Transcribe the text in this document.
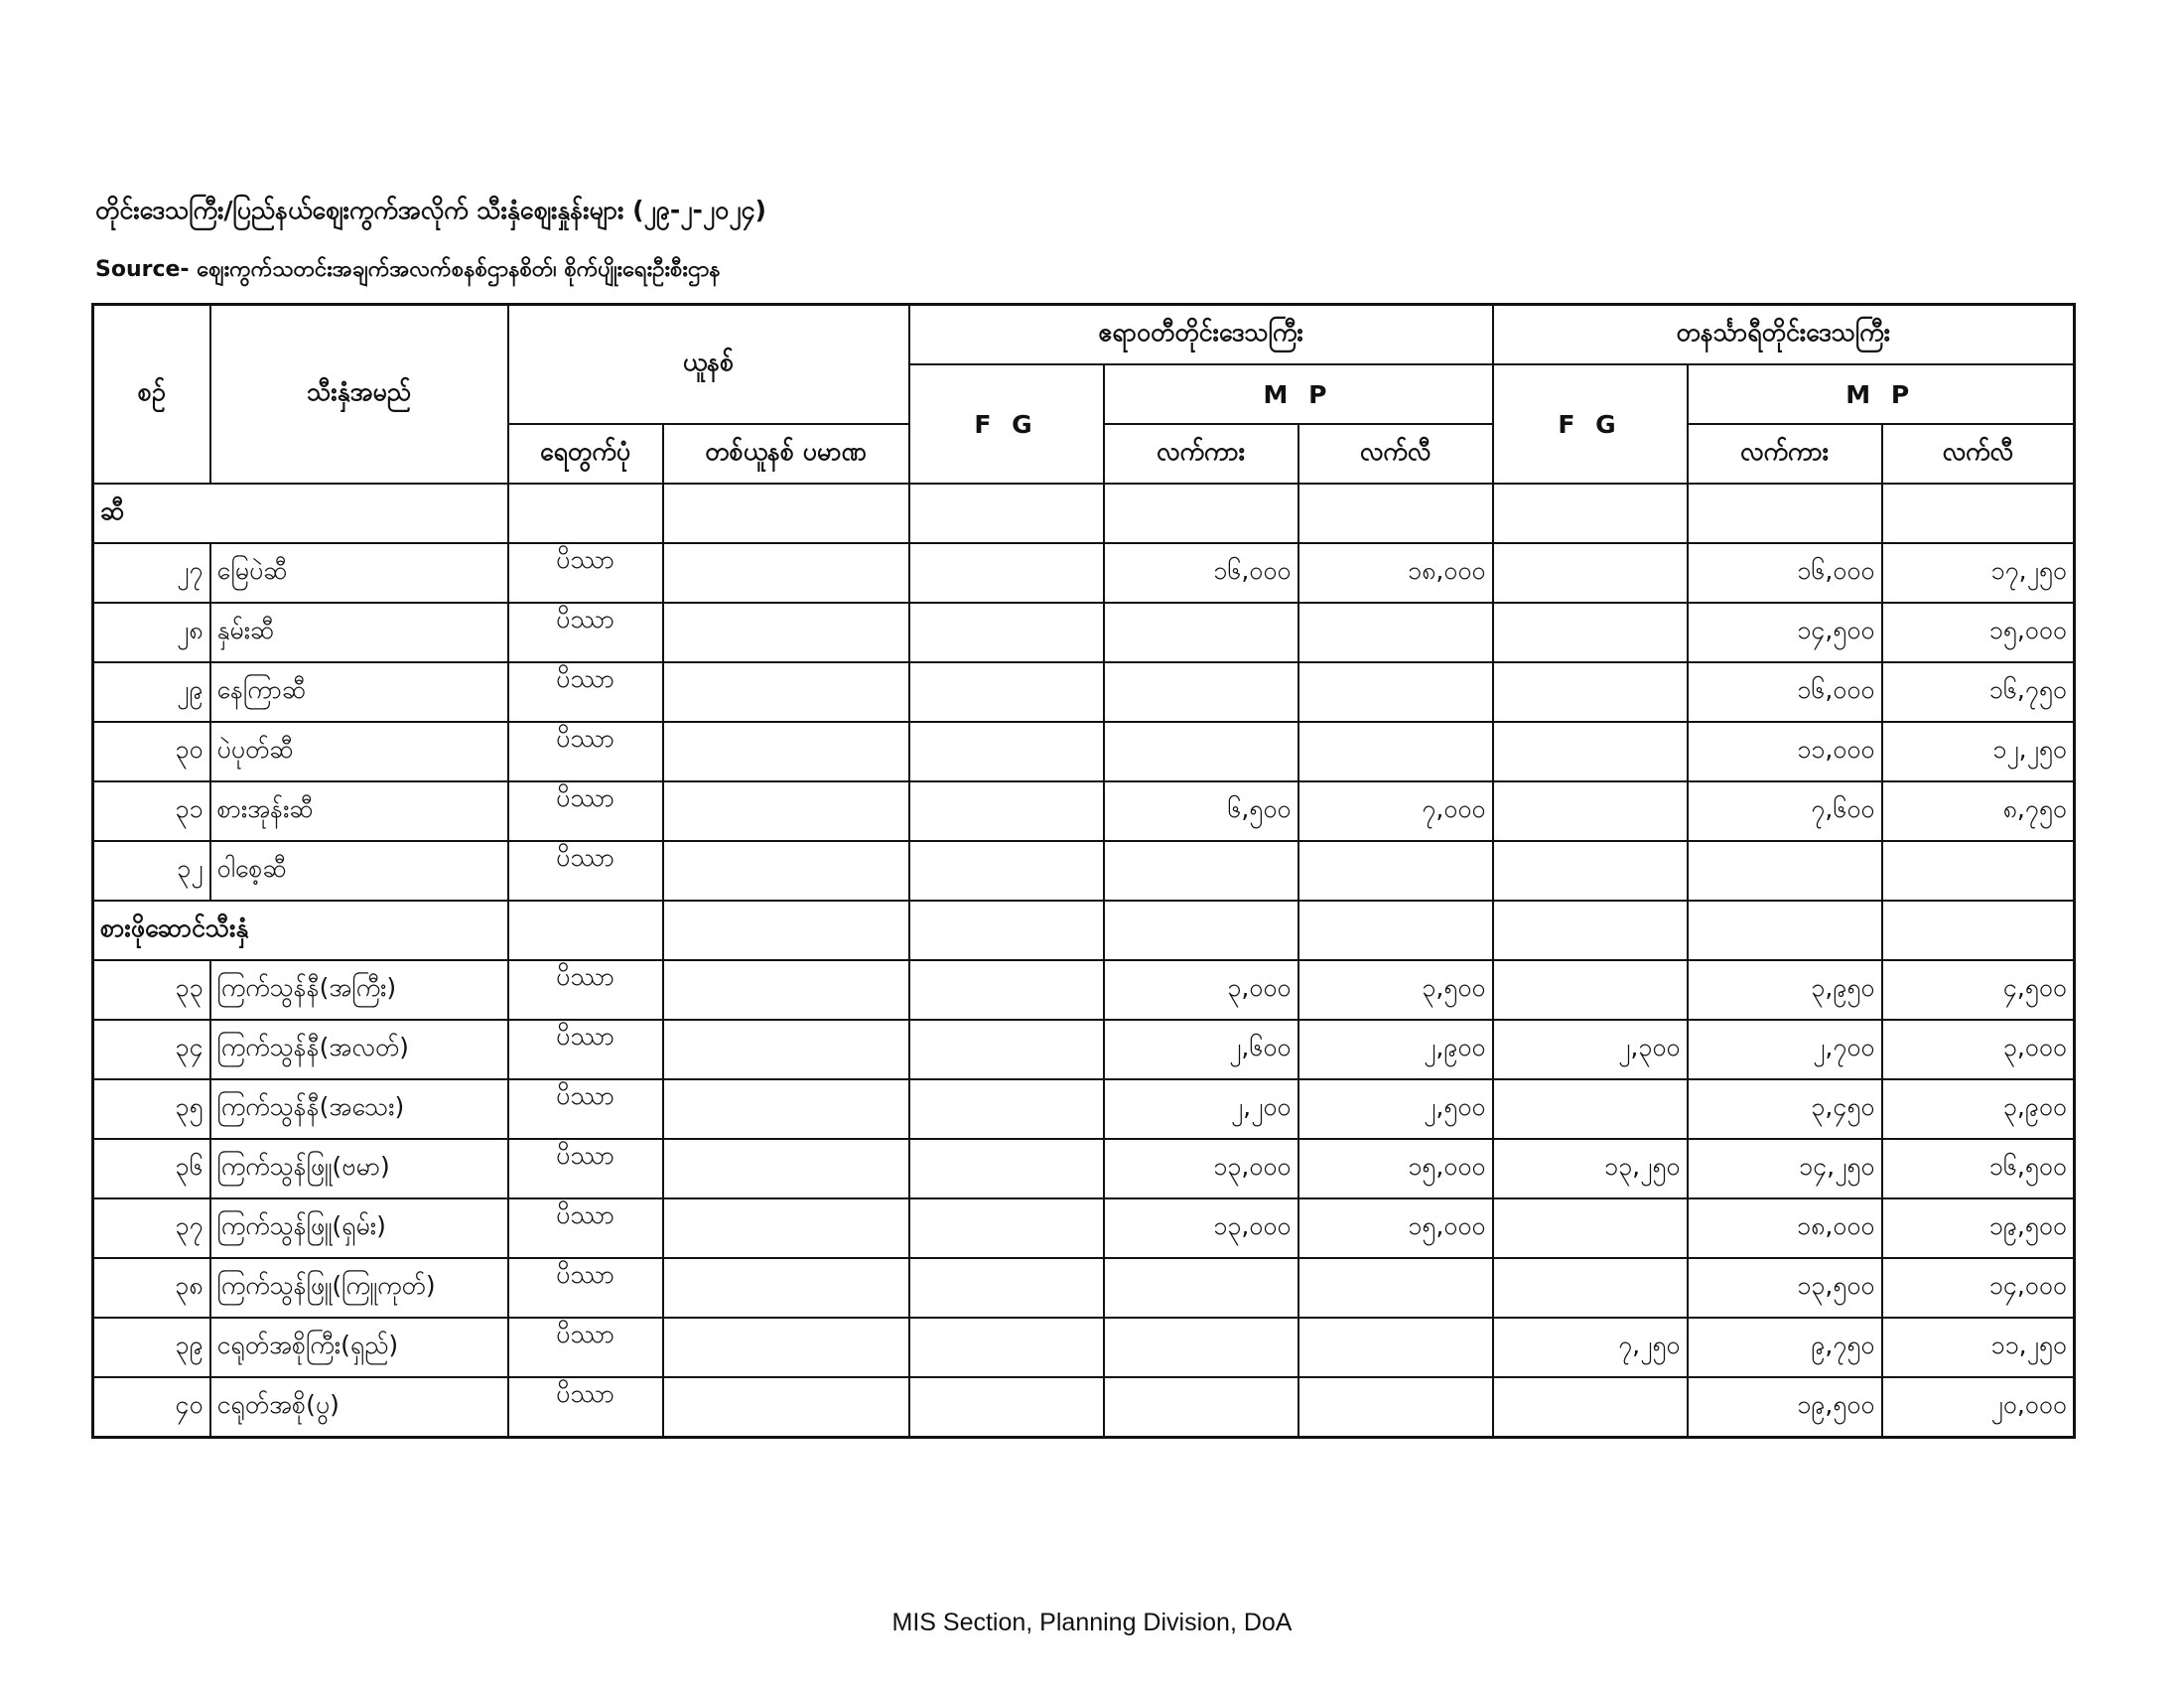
တိုင်းဒေသကြီး/ပြည်နယ်ဈေးကွက်အလိုက် သီးနှံဈေးနှုန်းများ (၂၉-၂-၂၀၂၄)
Source- ဈေးကွက်သတင်းအချက်အလက်စနစ်ဌာနစိတ်၊ စိုက်ပျိုးရေးဦးစီးဌာန
စဉ်	သီးနှံအမည်	ယူနစ်		ဧရာဝတီတိုင်းဒေသကြီး			တနင်္သာရီတိုင်းဒေသကြီး		
				F G	M P		F G	M P	
		ရေတွက်ပုံ	တစ်ယူနစ် ပမာဏ		လက်ကား	လက်လီ		လက်ကား	လက်လီ
ဆီ									
၂၇	မြေပဲဆီ	ပိဿာ			၁၆,၀၀၀	၁၈,၀၀၀		၁၆,၀၀၀	၁၇,၂၅၀
၂၈	နှမ်းဆီ	ပိဿာ						၁၄,၅၀၀	၁၅,၀၀၀
၂၉	နေကြာဆီ	ပိဿာ						၁၆,၀၀၀	၁၆,၇၅၀
၃၀	ပဲပုတ်ဆီ	ပိဿာ						၁၁,၀၀၀	၁၂,၂၅၀
၃၁	စားအုန်းဆီ	ပိဿာ			၆,၅၀၀	၇,၀၀၀		၇,၆၀၀	၈,၇၅၀
၃၂	ဝါစေ့ဆီ	ပိဿာ							
စားဖိုဆောင်သီးနှံ									
၃၃	ကြက်သွန်နီ(အကြီး)	ပိဿာ			၃,၀၀၀	၃,၅၀၀		၃,၉၅၀	၄,၅၀၀
၃၄	ကြက်သွန်နီ(အလတ်)	ပိဿာ			၂,၆၀၀	၂,၉၀၀	၂,၃၀၀	၂,၇၀၀	၃,၀၀၀
၃၅	ကြက်သွန်နီ(အသေး)	ပိဿာ			၂,၂၀၀	၂,၅၀၀		၃,၄၅၀	၃,၉၀၀
၃၆	ကြက်သွန်ဖြူ(ဗမာ)	ပိဿာ			၁၃,၀၀၀	၁၅,၀၀၀	၁၃,၂၅၀	၁၄,၂၅၀	၁၆,၅၀၀
၃၇	ကြက်သွန်ဖြူ(ရှမ်း)	ပိဿာ			၁၃,၀၀၀	၁၅,၀၀၀		၁၈,၀၀၀	၁၉,၅၀၀
၃၈	ကြက်သွန်ဖြူ(ကြူကုတ်)	ပိဿာ						၁၃,၅၀၀	၁၄,၀၀၀
၃၉	ငရုတ်အစိုကြီး(ရှည်)	ပိဿာ					၇,၂၅၀	၉,၇၅၀	၁၁,၂၅၀
၄၀	ငရုတ်အစို(ပွ)	ပိဿာ						၁၉,၅၀၀	၂၀,၀၀၀
MIS Section, Planning Division, DoA
